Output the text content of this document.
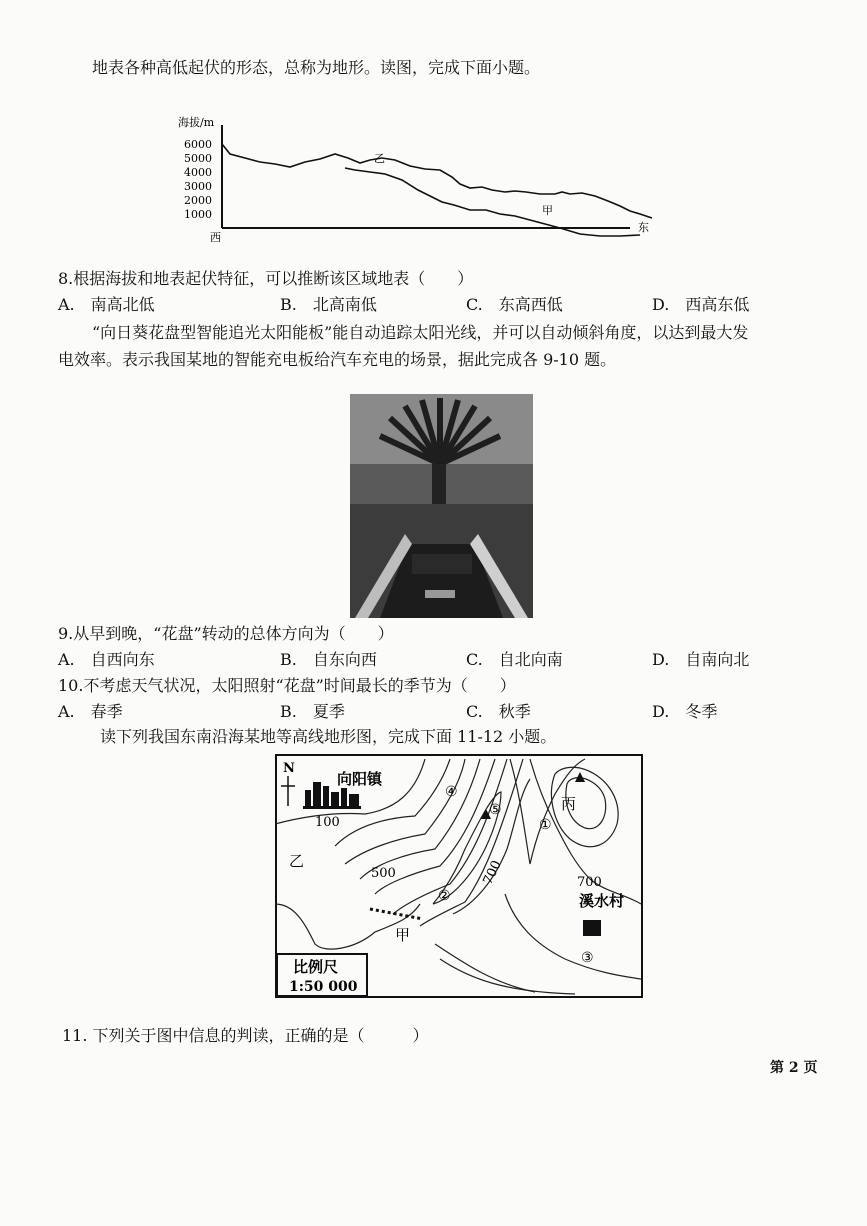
地表各种高低起伏的形态，总称为地形。读图，完成下面小题。
海拔/m
6000
5000
4000
3000
2000
1000
西
东
乙
甲
8.根据海拔和地表起伏特征，可以推断该区域地表（　　）
A.　南高北低	B.　北高南低	C.　东高西低	D.　西高东低
“向日葵花盘型智能追光太阳能板”能自动追踪太阳光线，并可以自动倾斜角度，以达到最大发
电效率。表示我国某地的智能充电板给汽车充电的场景，据此完成各 9-10 题。
9.从早到晚，“花盘”转动的总体方向为（　　）
A.　自西向东	B.　自东向西	C.　自北向南	D.　自南向北
10.不考虑天气状况，太阳照射“花盘”时间最长的季节为（　　）
A.　春季	B.　夏季	C.　秋季	D.　冬季
读下列我国东南沿海某地等高线地形图，完成下面 11-12 小题。
N
向阳镇
100
500	700	700
乙
甲
丙
①
②
③
④
⑤
溪水村
比例尺
1:50 000
11. 下列关于图中信息的判读，正确的是（　　　）
第 2 页
